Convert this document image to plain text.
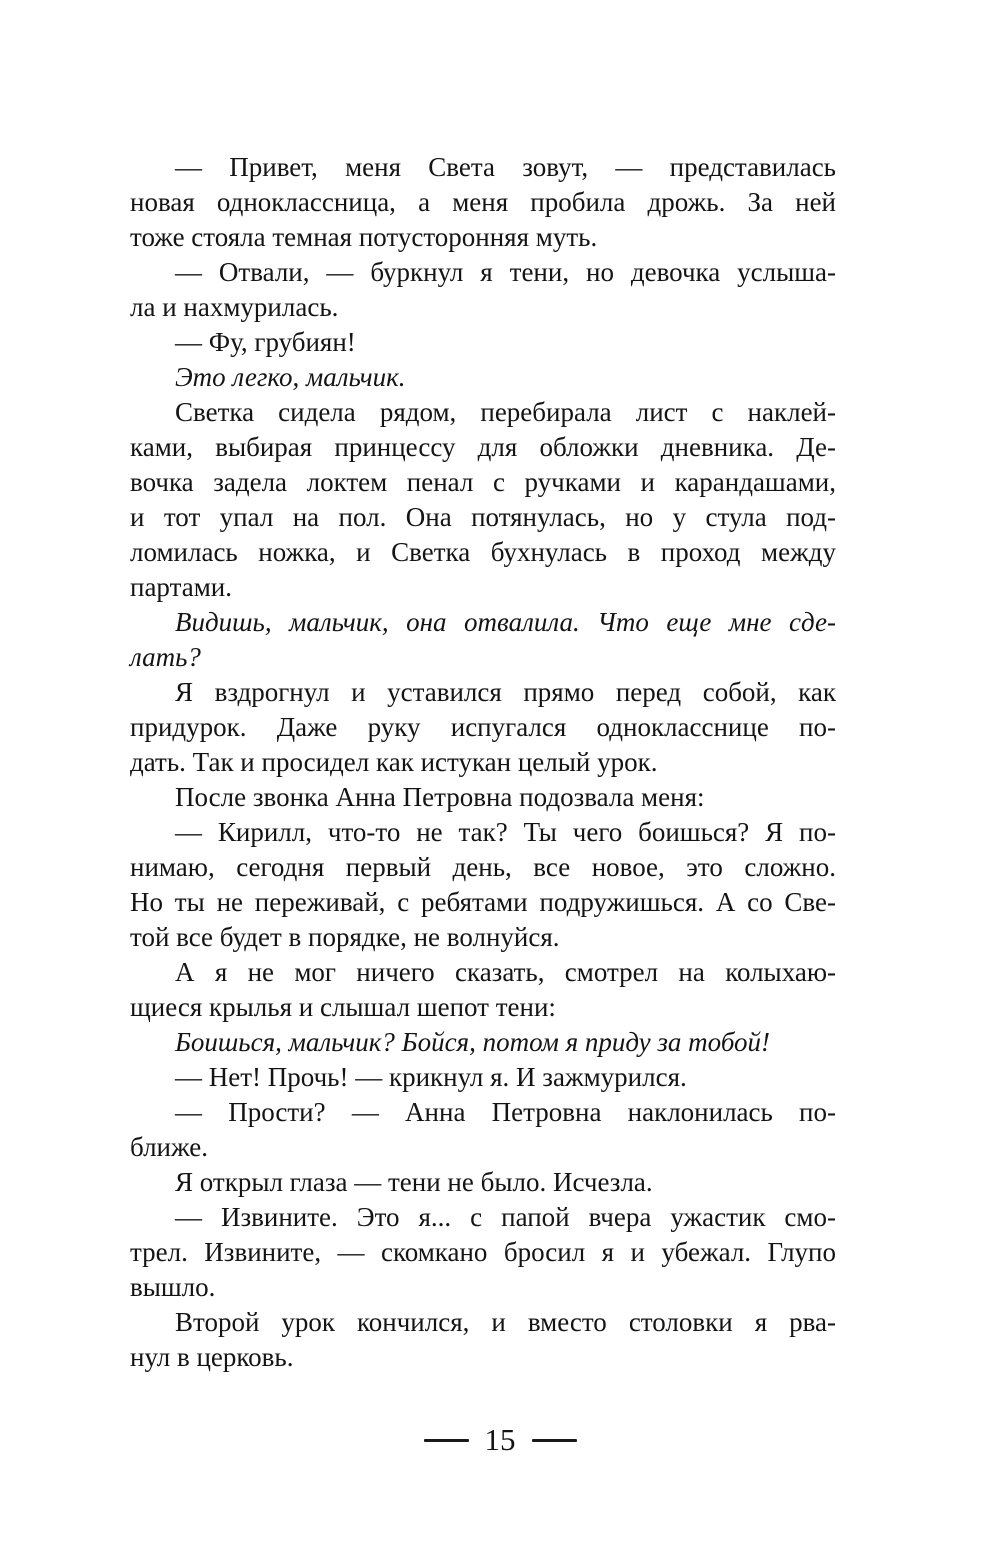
— Привет, меня Света зовут, — представилась
новая одноклассница, а меня пробила дрожь. За ней
тоже стояла темная потусторонняя муть.
— Отвали, — буркнул я тени, но девочка услыша-
ла и нахмурилась.
— Фу, грубиян!
Это легко, мальчик.
Светка сидела рядом, перебирала лист с наклей-
ками, выбирая принцессу для обложки дневника. Де-
вочка задела локтем пенал с ручками и карандашами,
и тот упал на пол. Она потянулась, но у стула под-
ломилась ножка, и Светка бухнулась в проход между
партами.
Видишь, мальчик, она отвалила. Что еще мне сде-
лать?
Я вздрогнул и уставился прямо перед собой, как
придурок. Даже руку испугался однокласснице по-
дать. Так и просидел как истукан целый урок.
После звонка Анна Петровна подозвала меня:
— Кирилл, что-то не так? Ты чего боишься? Я по-
нимаю, сегодня первый день, все новое, это сложно.
Но ты не переживай, с ребятами подружишься. А со Све-
той все будет в порядке, не волнуйся.
А я не мог ничего сказать, смотрел на колыхаю-
щиеся крылья и слышал шепот тени:
Боишься, мальчик? Бойся, потом я приду за тобой!
— Нет! Прочь! — крикнул я. И зажмурился.
— Прости? — Анна Петровна наклонилась по-
ближе.
Я открыл глаза — тени не было. Исчезла.
— Извините. Это я... с папой вчера ужастик смо-
трел. Извините, — скомкано бросил я и убежал. Глупо
вышло.
Второй урок кончился, и вместо столовки я рва-
нул в церковь.
15
